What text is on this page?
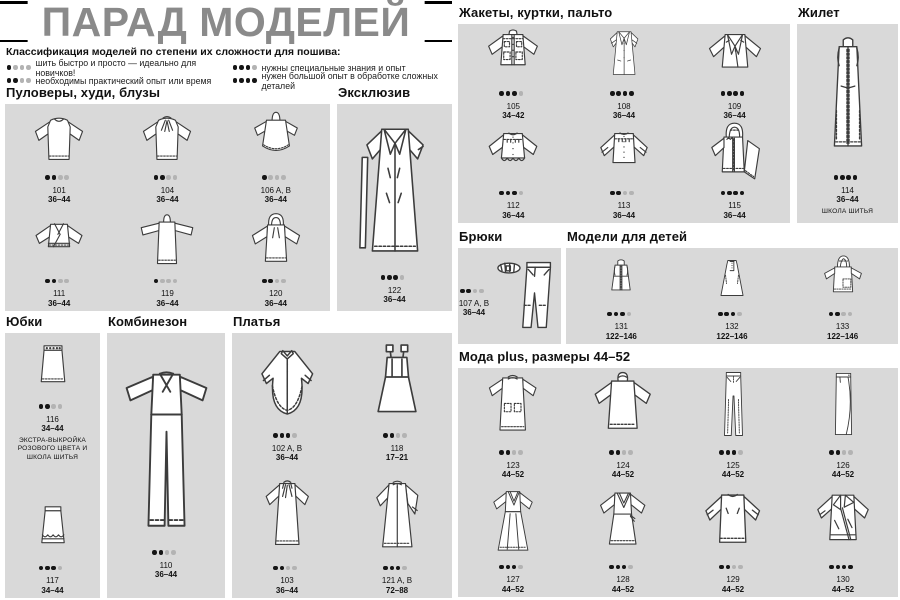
ПАРАД МОДЕЛЕЙ
Классификация моделей по степени их сложности для пошива:
шить быстро и просто — идеально для новичков!
необходимы практический опыт или время
нужны специальные знания и опыт
нужен большой опыт в обработке сложных деталей
Пуловеры, худи, блузы
101
36–44
104
36–44
106 A, B
36–44
111
36–44
119
36–44
120
36–44
Эксклюзив
122
36–44
Жакеты, куртки, пальто
105
34–42
108
36–44
109
36–44
112
36–44
113
36–44
115
36–44
Жилет
114
36–44
ШКОЛА ШИТЬЯ
Брюки
107 A, B
36–44
Модели для детей
131
122–146
132
122–146
133
122–146
Юбки
116
34–44
ЭКСТРА-ВЫКРОЙКА РОЗОВОГО ЦВЕТА И ШКОЛА ШИТЬЯ
117
34–44
Комбинезон
110
36–44
Платья
102 A, B
36–44
118
17–21
103
36–44
121 A, B
72–88
Мода plus, размеры 44–52
123
44–52
124
44–52
125
44–52
126
44–52
127
44–52
128
44–52
129
44–52
130
44–52
